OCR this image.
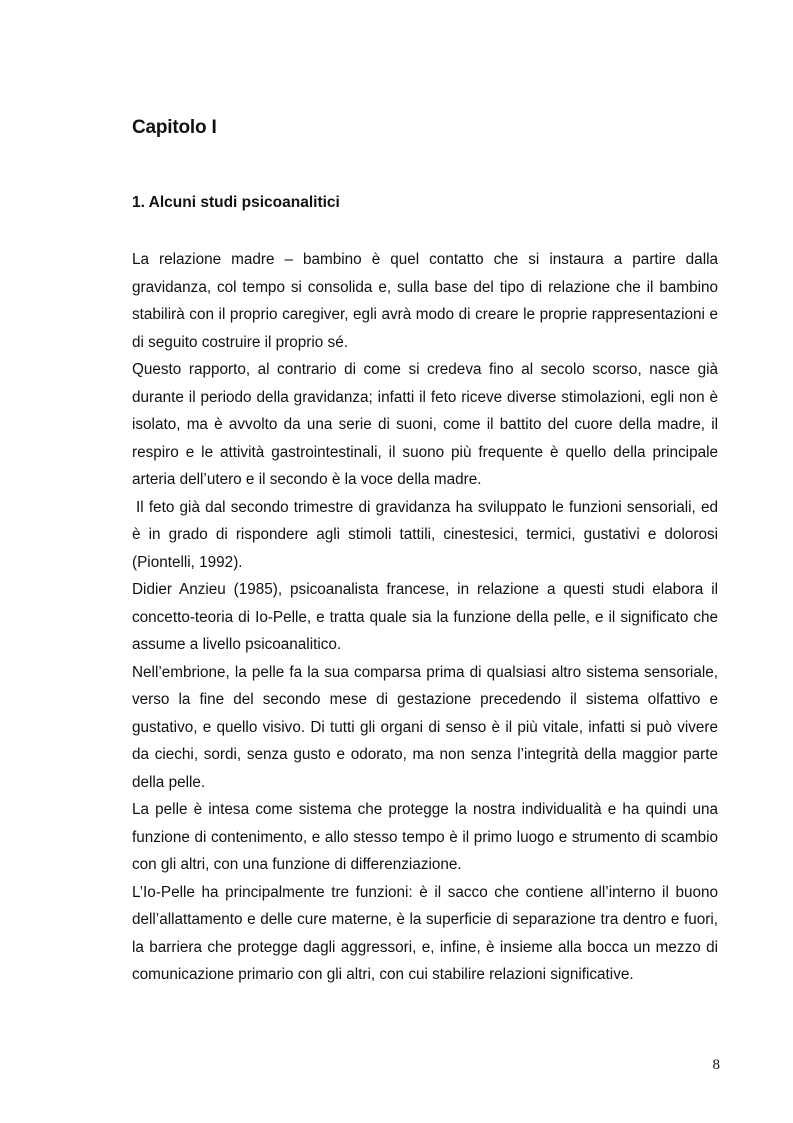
Capitolo I
1. Alcuni studi psicoanalitici

La relazione madre – bambino è quel contatto che si instaura a partire dalla gravidanza, col tempo si consolida e, sulla base del tipo di relazione che il bambino stabilirà con il proprio caregiver, egli avrà modo di creare le proprie rappresentazioni e di seguito costruire il proprio sé.

Questo rapporto, al contrario di come si credeva fino al secolo scorso, nasce già durante il periodo della gravidanza; infatti il feto riceve diverse stimolazioni, egli non è isolato, ma è avvolto da una serie di suoni, come il battito del cuore della madre, il respiro e le attività gastrointestinali, il suono più frequente è quello della principale arteria dell’utero e il secondo è la voce della madre.

Il feto già dal secondo trimestre di gravidanza ha sviluppato le funzioni sensoriali, ed è in grado di rispondere agli stimoli tattili, cinestesici, termici, gustativi e dolorosi (Piontelli, 1992).

Didier Anzieu (1985), psicoanalista francese, in relazione a questi studi elabora il concetto-teoria di Io-Pelle, e tratta quale sia la funzione della pelle, e il significato che assume a livello psicoanalitico.

Nell’embrione, la pelle fa la sua comparsa prima di qualsiasi altro sistema sensoriale, verso la fine del secondo mese di gestazione precedendo il sistema olfattivo e gustativo, e quello visivo. Di tutti gli organi di senso è il più vitale, infatti si può vivere da ciechi, sordi, senza gusto e odorato, ma non senza l’integrità della maggior parte della pelle.

La pelle è intesa come sistema che protegge la nostra individualità e ha quindi una funzione di contenimento, e allo stesso tempo è il primo luogo e strumento di scambio con gli altri, con una funzione di differenziazione.

L’Io-Pelle ha principalmente tre funzioni: è il sacco che contiene all’interno il buono dell’allattamento e delle cure materne, è la superficie di separazione tra dentro e fuori, la barriera che protegge dagli aggressori, e, infine, è insieme alla bocca un mezzo di comunicazione primario con gli altri, con cui stabilire relazioni significative.

8
